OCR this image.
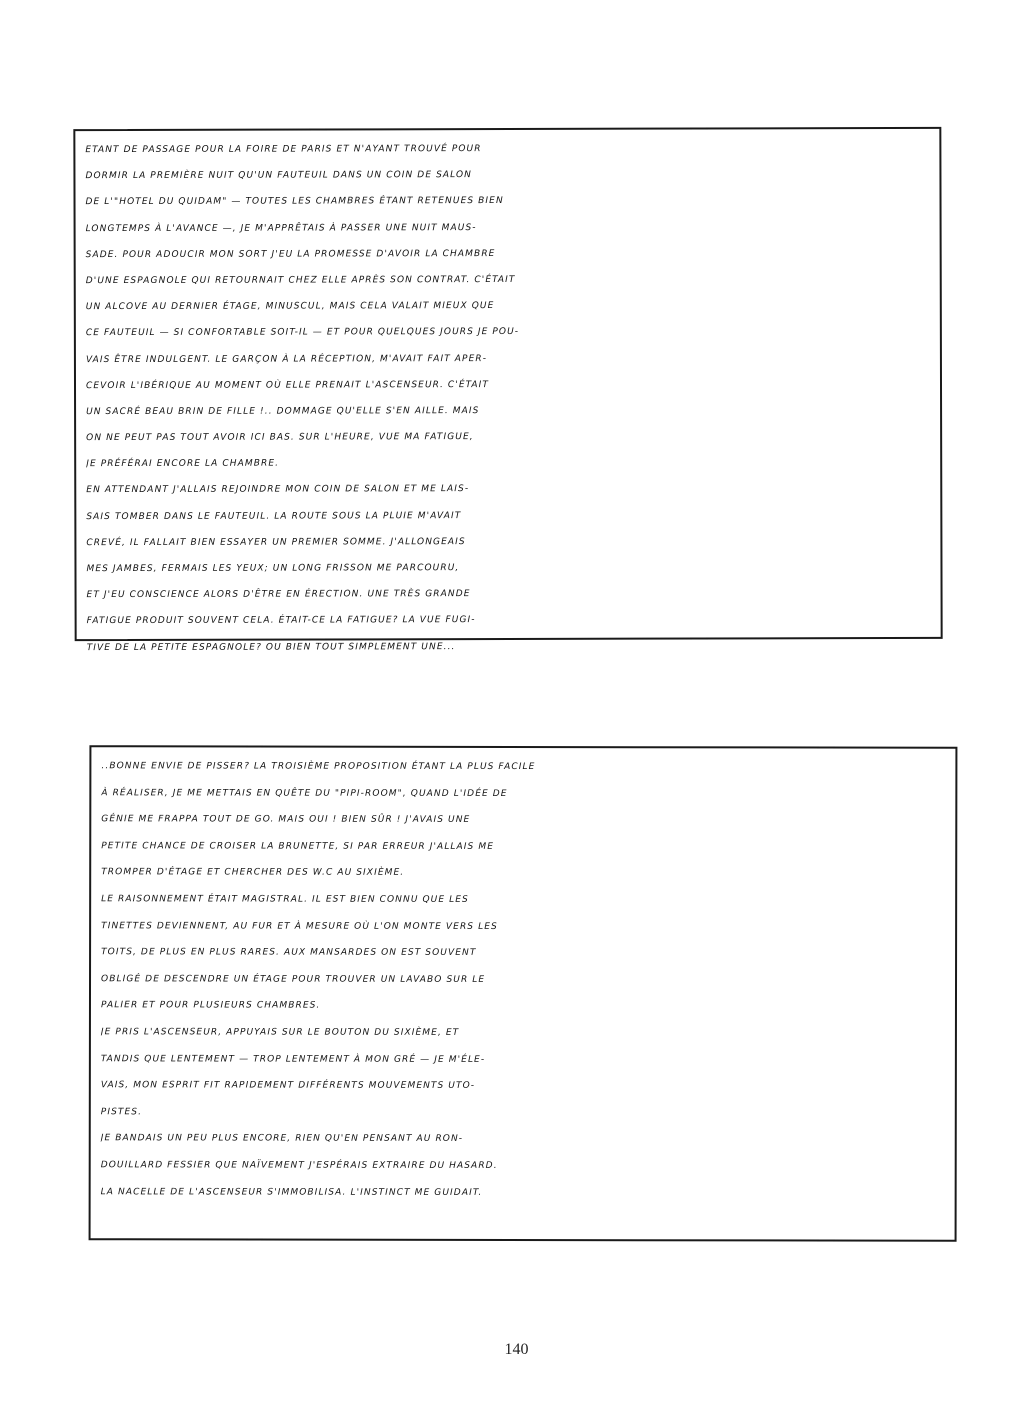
ETANT DE PASSAGE POUR LA FOIRE DE PARIS ET N'AYANT TROUVÉ POUR
DORMIR LA PREMIÈRE NUIT QU'UN FAUTEUIL DANS UN COIN DE SALON
DE L'"HOTEL DU QUIDAM" — TOUTES LES CHAMBRES ÉTANT RETENUES BIEN
LONGTEMPS À L'AVANCE —, JE M'APPRÊTAIS À PASSER UNE NUIT MAUS-
SADE. POUR ADOUCIR MON SORT J'EU LA PROMESSE D'AVOIR LA CHAMBRE
D'UNE ESPAGNOLE QUI RETOURNAIT CHEZ ELLE APRÈS SON CONTRAT. C'ÉTAIT
UN ALCOVE AU DERNIER ÉTAGE, MINUSCUL, MAIS CELA VALAIT MIEUX QUE
CE FAUTEUIL — SI CONFORTABLE SOIT-IL — ET POUR QUELQUES JOURS JE POU-
VAIS ÊTRE INDULGENT. LE GARÇON À LA RÉCEPTION, M'AVAIT FAIT APER-
CEVOIR L'IBÉRIQUE AU MOMENT OÙ ELLE PRENAIT L'ASCENSEUR. C'ÉTAIT
UN SACRÉ BEAU BRIN DE FILLE !.. DOMMAGE QU'ELLE S'EN AILLE. MAIS
ON NE PEUT PAS TOUT AVOIR ICI BAS. SUR L'HEURE, VUE MA FATIGUE,
JE PRÉFÉRAI ENCORE LA CHAMBRE.
EN ATTENDANT J'ALLAIS REJOINDRE MON COIN DE SALON ET ME LAIS-
SAIS TOMBER DANS LE FAUTEUIL. LA ROUTE SOUS LA PLUIE M'AVAIT
CREVÉ, IL FALLAIT BIEN ESSAYER UN PREMIER SOMME. J'ALLONGEAIS
MES JAMBES, FERMAIS LES YEUX; UN LONG FRISSON ME PARCOURU,
ET J'EU CONSCIENCE ALORS D'ÊTRE EN ÉRECTION. UNE TRÈS GRANDE
FATIGUE PRODUIT SOUVENT CELA. ÉTAIT-CE LA FATIGUE? LA VUE FUGI-
TIVE DE LA PETITE ESPAGNOLE? OU BIEN TOUT SIMPLEMENT UNE...
..BONNE ENVIE DE PISSER? LA TROISIÈME PROPOSITION ÉTANT LA PLUS FACILE
À RÉALISER, JE ME METTAIS EN QUÊTE DU "PIPI-ROOM", QUAND L'IDÉE DE
GÉNIE ME FRAPPA TOUT DE GO. MAIS OUI ! BIEN SÛR ! J'AVAIS UNE
PETITE CHANCE DE CROISER LA BRUNETTE, SI PAR ERREUR J'ALLAIS ME
TROMPER D'ÉTAGE ET CHERCHER DES W.C AU SIXIÈME.
LE RAISONNEMENT ÉTAIT MAGISTRAL. IL EST BIEN CONNU QUE LES
TINETTES DEVIENNENT, AU FUR ET À MESURE OÙ L'ON MONTE VERS LES
TOITS, DE PLUS EN PLUS RARES. AUX MANSARDES ON EST SOUVENT
OBLIGÉ DE DESCENDRE UN ÉTAGE POUR TROUVER UN LAVABO SUR LE
PALIER ET POUR PLUSIEURS CHAMBRES.
JE PRIS L'ASCENSEUR, APPUYAIS SUR LE BOUTON DU SIXIÈME, ET
TANDIS QUE LENTEMENT — TROP LENTEMENT À MON GRÉ — JE M'ÉLE-
VAIS, MON ESPRIT FIT RAPIDEMENT DIFFÉRENTS MOUVEMENTS UTO-
PISTES.
JE BANDAIS UN PEU PLUS ENCORE, RIEN QU'EN PENSANT AU RON-
DOUILLARD FESSIER QUE NAÏVEMENT J'ESPÉRAIS EXTRAIRE DU HASARD.
LA NACELLE DE L'ASCENSEUR S'IMMOBILISA. L'INSTINCT ME GUIDAIT.
140
